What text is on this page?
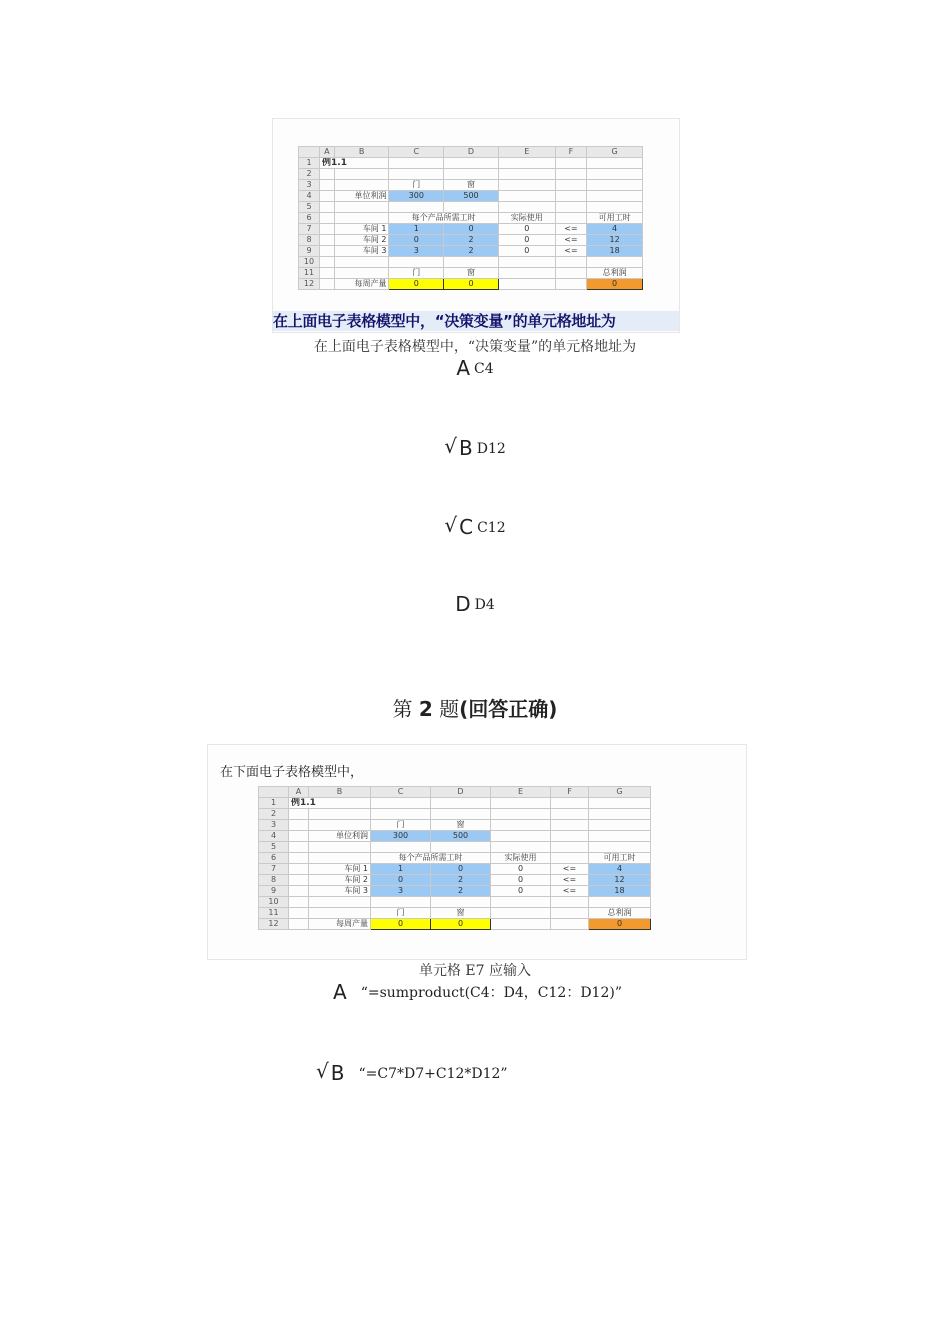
	A	B	C	D	E	F	G
1	例1.1						
2							
3			门	窗			
4		单位利润	300	500			
5							
6			每个产品所需工时		实际使用		可用工时
7		车间 1	1	0	0	<=	4
8		车间 2	0	2	0	<=	12
9		车间 3	3	2	0	<=	18
10							
11			门	窗			总利润
12		每周产量	0	0			0
在上面电子表格模型中，“决策变量”的单元格地址为
在上面电子表格模型中，“决策变量”的单元格地址为
A C4
√ B D12
√ C C12
D D4
第 2 题(回答正确)
在下面电子表格模型中，
	A	B	C	D	E	F	G
1	例1.1						
2							
3			门	窗			
4		单位利润	300	500			
5							
6			每个产品所需工时		实际使用		可用工时
7		车间 1	1	0	0	<=	4
8		车间 2	0	2	0	<=	12
9		车间 3	3	2	0	<=	18
10							
11			门	窗			总利润
12		每周产量	0	0			0
单元格 E7 应输入
A “=sumproduct(C4：D4，C12：D12)”
√ B “=C7*D7+C12*D12”
